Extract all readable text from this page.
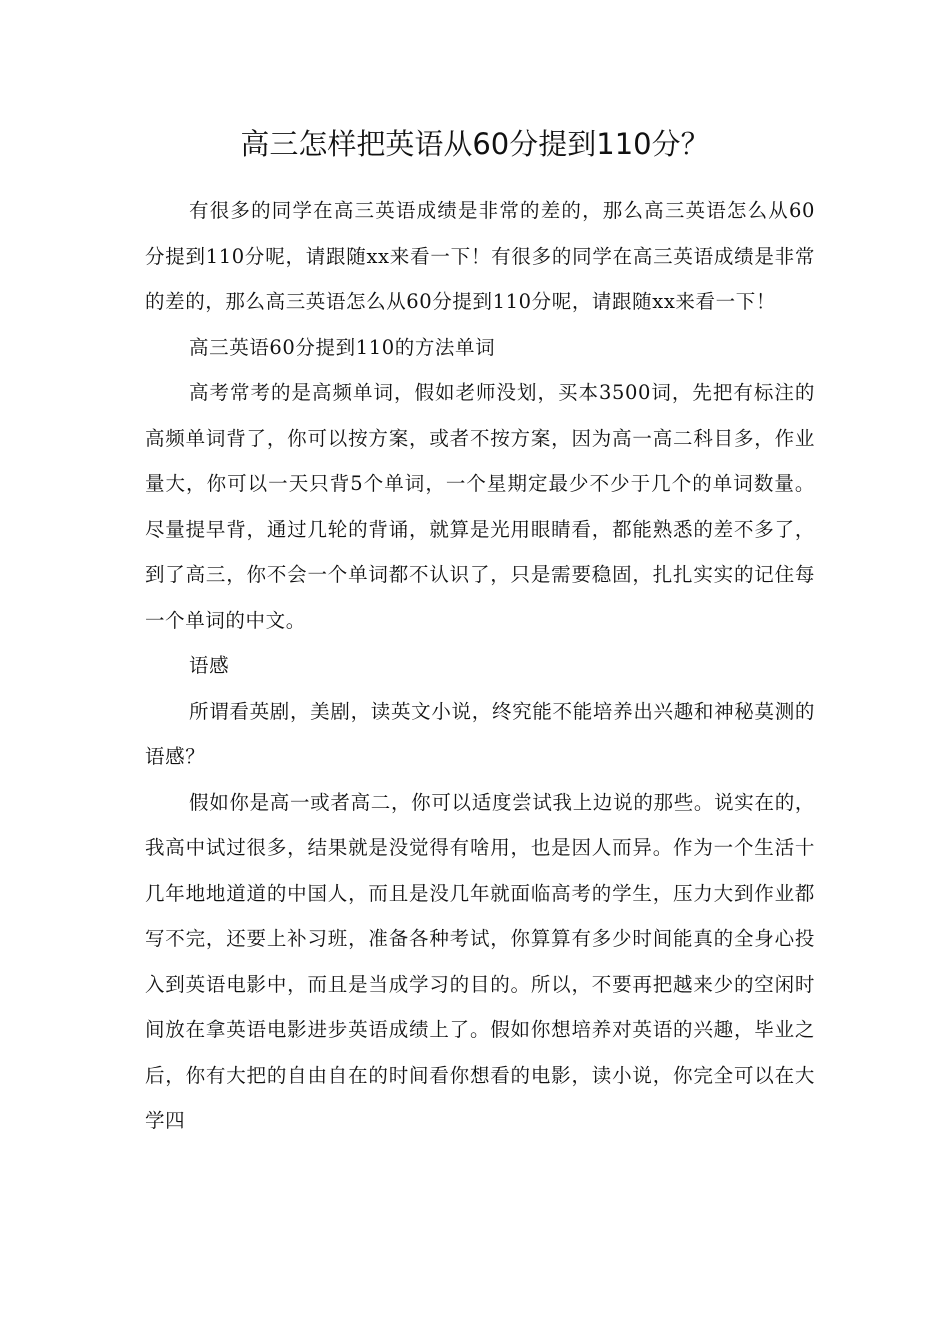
高三怎样把英语从60分提到110分？

有很多的同学在高三英语成绩是非常的差的，那么高三英语怎么从60分提到110分呢，请跟随xx来看一下！有很多的同学在高三英语成绩是非常的差的，那么高三英语怎么从60分提到110分呢，请跟随xx来看一下！

高三英语60分提到110的方法单词

高考常考的是高频单词，假如老师没划，买本3500词，先把有标注的高频单词背了，你可以按方案，或者不按方案，因为高一高二科目多，作业量大，你可以一天只背5个单词，一个星期定最少不少于几个的单词数量。尽量提早背，通过几轮的背诵，就算是光用眼睛看，都能熟悉的差不多了，到了高三，你不会一个单词都不认识了，只是需要稳固，扎扎实实的记住每一个单词的中文。

语感

所谓看英剧，美剧，读英文小说，终究能不能培养出兴趣和神秘莫测的语感？

假如你是高一或者高二，你可以适度尝试我上边说的那些。说实在的，我高中试过很多，结果就是没觉得有啥用，也是因人而异。作为一个生活十几年地地道道的中国人，而且是没几年就面临高考的学生，压力大到作业都写不完，还要上补习班，准备各种考试，你算算有多少时间能真的全身心投入到英语电影中，而且是当成学习的目的。所以，不要再把越来少的空闲时间放在拿英语电影进步英语成绩上了。假如你想培养对英语的兴趣，毕业之后，你有大把的自由自在的时间看你想看的电影，读小说，你完全可以在大学四
